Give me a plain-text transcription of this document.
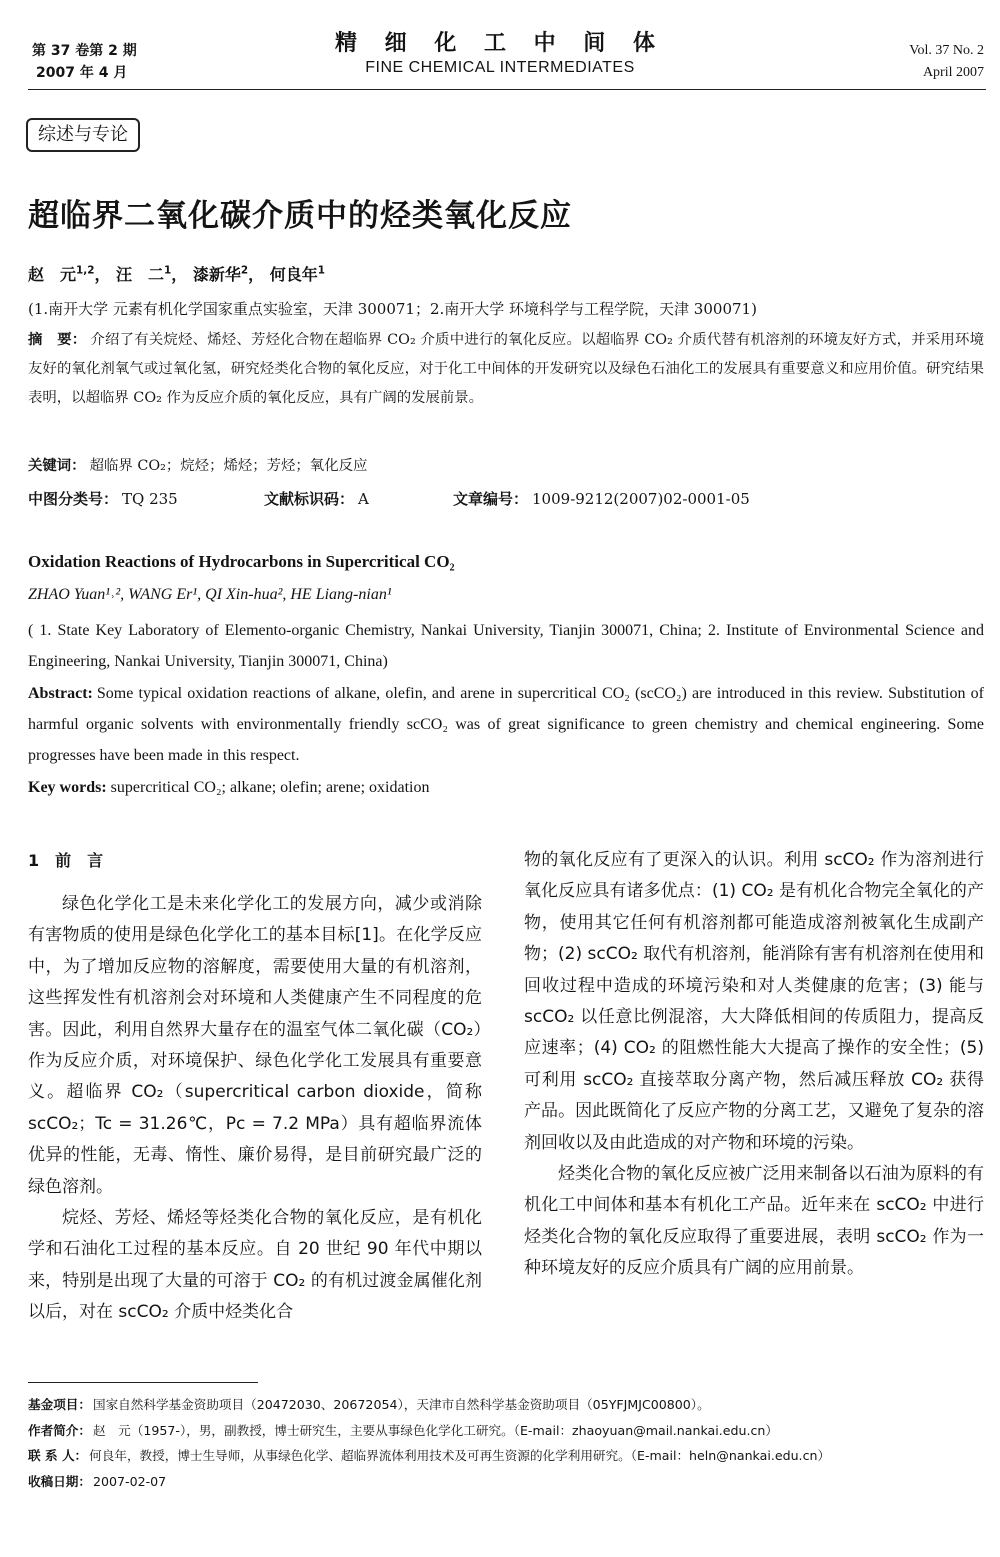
第 37 卷第 2 期
2007 年 4 月
精 细 化 工 中 间 体
FINE CHEMICAL INTERMEDIATES
Vol. 37 No. 2
April 2007
综述与专论
超临界二氧化碳介质中的烃类氧化反应
赵　元$^{1,2}$， 汪　二$^1$， 漆新华$^2$， 何良年$^1$
(1.南开大学 元素有机化学国家重点实验室，天津 300071；2.南开大学 环境科学与工程学院，天津 300071)
摘　要： 介绍了有关烷烃、烯烃、芳烃化合物在超临界 CO₂ 介质中进行的氧化反应。以超临界 CO₂ 介质代替有机溶剂的环境友好方式，并采用环境友好的氧化剂氧气或过氧化氢，研究烃类化合物的氧化反应，对于化工中间体的开发研究以及绿色石油化工的发展具有重要意义和应用价值。研究结果表明，以超临界 CO₂ 作为反应介质的氧化反应，具有广阔的发展前景。
关键词： 超临界 CO₂；烷烃；烯烃；芳烃；氧化反应
中图分类号： TQ 235	文献标识码： A	文章编号： 1009-9212(2007)02-0001-05
Oxidation Reactions of Hydrocarbons in Supercritical CO₂
ZHAO Yuan¹˒², WANG Er¹, QI Xin-hua², HE Liang-nian¹
( 1. State Key Laboratory of Elemento-organic Chemistry, Nankai University, Tianjin 300071, China; 2. Institute of Environmental Science and Engineering, Nankai University, Tianjin 300071, China)
Abstract: Some typical oxidation reactions of alkane, olefin, and arene in supercritical CO₂ (scCO₂) are introduced in this review. Substitution of harmful organic solvents with environmentally friendly scCO₂ was of great significance to green chemistry and chemical engineering. Some progresses have been made in this respect.
Key words: supercritical CO₂; alkane; olefin; arene; oxidation
1　前　言

绿色化学化工是未来化学化工的发展方向，减少或消除有害物质的使用是绿色化学化工的基本目标[1]。在化学反应中，为了增加反应物的溶解度，需要使用大量的有机溶剂，这些挥发性有机溶剂会对环境和人类健康产生不同程度的危害。因此，利用自然界大量存在的温室气体二氧化碳（CO₂）作为反应介质，对环境保护、绿色化学化工发展具有重要意义。超临界 CO₂（supercritical carbon dioxide，简称 scCO₂；Tc = 31.26℃，Pc = 7.2 MPa）具有超临界流体优异的性能，无毒、惰性、廉价易得，是目前研究最广泛的绿色溶剂。

烷烃、芳烃、烯烃等烃类化合物的氧化反应，是有机化学和石油化工过程的基本反应。自 20 世纪 90 年代中期以来，特别是出现了大量的可溶于 CO₂ 的有机过渡金属催化剂以后，对在 scCO₂ 介质中烃类化合

物的氧化反应有了更深入的认识。利用 scCO₂ 作为溶剂进行氧化反应具有诸多优点：(1) CO₂ 是有机化合物完全氧化的产物，使用其它任何有机溶剂都可能造成溶剂被氧化生成副产物；(2) scCO₂ 取代有机溶剂，能消除有害有机溶剂在使用和回收过程中造成的环境污染和对人类健康的危害；(3) 能与 scCO₂ 以任意比例混溶，大大降低相间的传质阻力，提高反应速率；(4) CO₂ 的阻燃性能大大提高了操作的安全性；(5) 可利用 scCO₂ 直接萃取分离产物，然后减压释放 CO₂ 获得产品。因此既简化了反应产物的分离工艺，又避免了复杂的溶剂回收以及由此造成的对产物和环境的污染。

烃类化合物的氧化反应被广泛用来制备以石油为原料的有机化工中间体和基本有机化工产品。近年来在 scCO₂ 中进行烃类化合物的氧化反应取得了重要进展，表明 scCO₂ 作为一种环境友好的反应介质具有广阔的应用前景。

基金项目： 国家自然科学基金资助项目（20472030、20672054），天津市自然科学基金资助项目（05YFJMJC00800）。
作者简介： 赵　元（1957-），男，副教授，博士研究生，主要从事绿色化学化工研究。（E-mail：zhaoyuan@mail.nankai.edu.cn）
联 系 人： 何良年，教授，博士生导师，从事绿色化学、超临界流体利用技术及可再生资源的化学利用研究。（E-mail：heln@nankai.edu.cn）
收稿日期： 2007-02-07
